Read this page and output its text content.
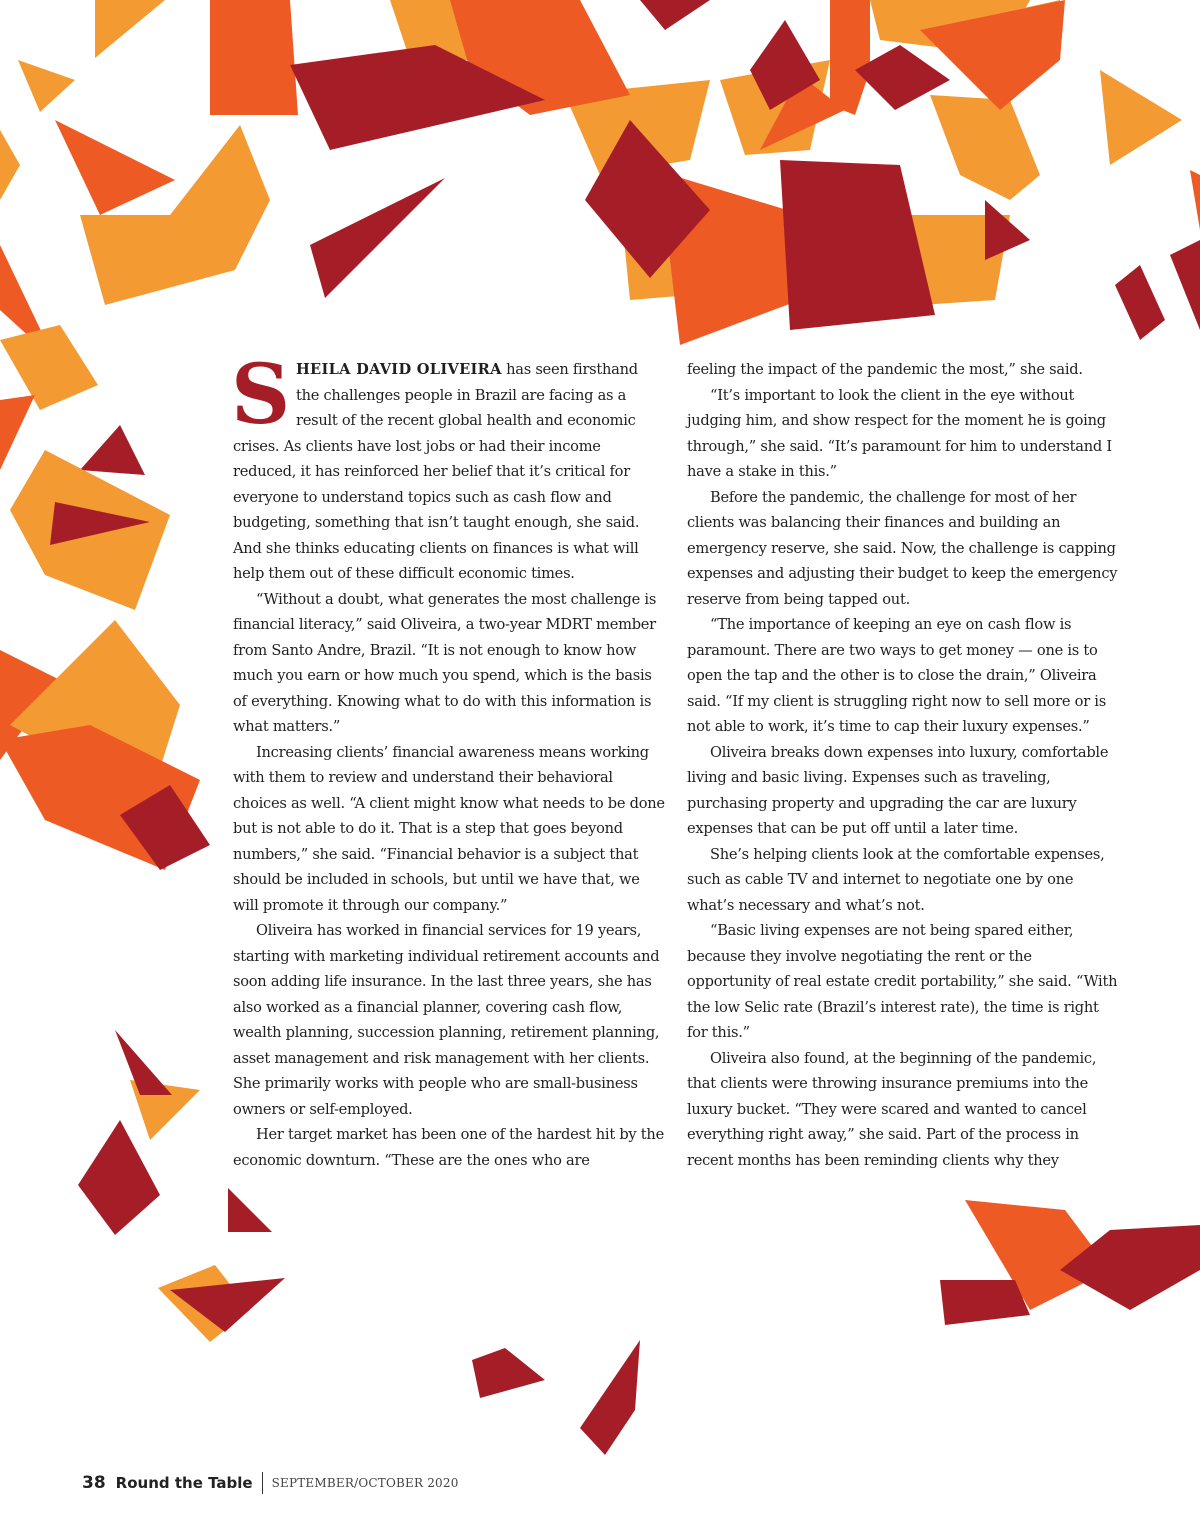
SHEILA DAVID OLIVEIRA has seen firsthand the challenges people in Brazil are facing as a result of the recent global health and economic crises. As clients have lost jobs or had their income reduced, it has reinforced her belief that it’s critical for everyone to understand topics such as cash flow and budgeting, something that isn’t taught enough, she said. And she thinks educating clients on finances is what will help them out of these difficult economic times.

“Without a doubt, what generates the most challenge is financial literacy,” said Oliveira, a two-year MDRT member from Santo Andre, Brazil. “It is not enough to know how much you earn or how much you spend, which is the basis of everything. Knowing what to do with this information is what matters.”

Increasing clients’ financial awareness means working with them to review and understand their behavioral choices as well. “A client might know what needs to be done but is not able to do it. That is a step that goes beyond numbers,” she said. “Financial behavior is a subject that should be included in schools, but until we have that, we will promote it through our company.”

Oliveira has worked in financial services for 19 years, starting with marketing individual retirement accounts and soon adding life insurance. In the last three years, she has also worked as a financial planner, covering cash flow, wealth planning, succession planning, retirement planning, asset management and risk management with her clients. She primarily works with people who are small-business owners or self-employed.

Her target market has been one of the hardest hit by the economic downturn. “These are the ones who are

feeling the impact of the pandemic the most,” she said.

“It’s important to look the client in the eye without judging him, and show respect for the moment he is going through,” she said. “It’s paramount for him to understand I have a stake in this.”

Before the pandemic, the challenge for most of her clients was balancing their finances and building an emergency reserve, she said. Now, the challenge is capping expenses and adjusting their budget to keep the emergency reserve from being tapped out.

“The importance of keeping an eye on cash flow is paramount. There are two ways to get money — one is to open the tap and the other is to close the drain,” Oliveira said. “If my client is struggling right now to sell more or is not able to work, it’s time to cap their luxury expenses.”

Oliveira breaks down expenses into luxury, comfortable living and basic living. Expenses such as traveling, purchasing property and upgrading the car are luxury expenses that can be put off until a later time.

She’s helping clients look at the comfortable expenses, such as cable TV and internet to negotiate one by one what’s necessary and what’s not.

“Basic living expenses are not being spared either, because they involve negotiating the rent or the opportunity of real estate credit portability,” she said. “With the low Selic rate (Brazil’s interest rate), the time is right for this.”

Oliveira also found, at the beginning of the pandemic, that clients were throwing insurance premiums into the luxury bucket. “They were scared and wanted to cancel everything right away,” she said. Part of the process in recent months has been reminding clients why they

38 Round the Table SEPTEMBER/OCTOBER 2020
